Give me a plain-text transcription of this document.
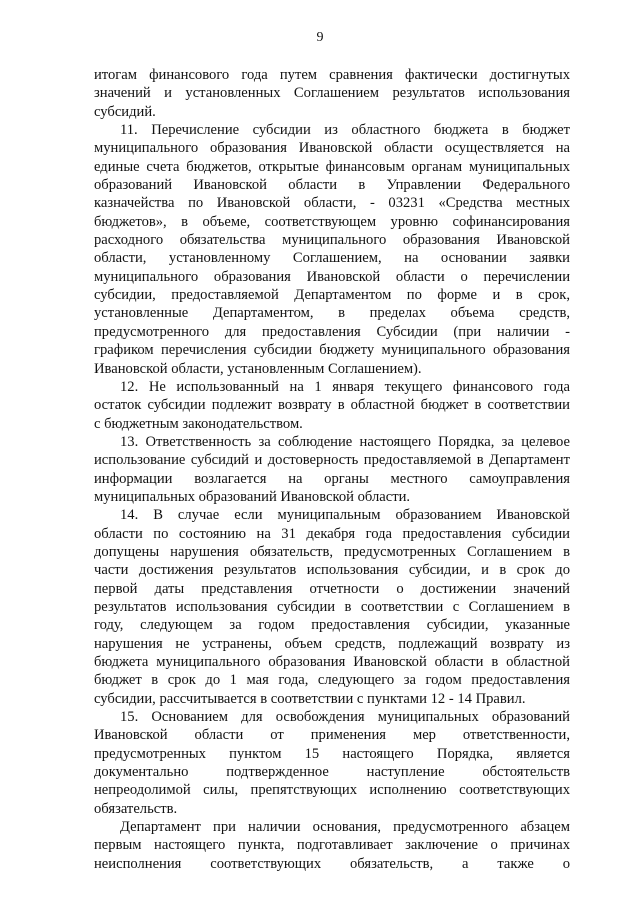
9
итогам финансового года путем сравнения фактически достигнутых
значений и установленных Соглашением результатов использования
субсидий.
11. Перечисление субсидии из областного бюджета в бюджет
муниципального образования Ивановской области осуществляется на
единые счета бюджетов, открытые финансовым органам муниципальных
образований Ивановской области в Управлении Федерального
казначейства по Ивановской области, - 03231 «Средства местных
бюджетов», в объеме, соответствующем уровню софинансирования
расходного обязательства муниципального образования Ивановской
области, установленному Соглашением, на основании заявки
муниципального образования Ивановской области о перечислении
субсидии, предоставляемой Департаментом по форме и в срок,
установленные Департаментом, в пределах объема средств,
предусмотренного для предоставления Субсидии (при наличии -
графиком перечисления субсидии бюджету муниципального образования
Ивановской области, установленным Соглашением).
12. Не использованный на 1 января текущего финансового года
остаток субсидии подлежит возврату в областной бюджет в соответствии
с бюджетным законодательством.
13. Ответственность за соблюдение настоящего Порядка, за целевое
использование субсидий и достоверность предоставляемой в Департамент
информации возлагается на органы местного самоуправления
муниципальных образований Ивановской области.
14. В случае если муниципальным образованием Ивановской
области по состоянию на 31 декабря года предоставления субсидии
допущены нарушения обязательств, предусмотренных Соглашением в
части достижения результатов использования субсидии, и в срок до
первой даты представления отчетности о достижении значений
результатов использования субсидии в соответствии с Соглашением в
году, следующем за годом предоставления субсидии, указанные
нарушения не устранены, объем средств, подлежащий возврату из
бюджета муниципального образования Ивановской области в областной
бюджет в срок до 1 мая года, следующего за годом предоставления
субсидии, рассчитывается в соответствии с пунктами 12 - 14 Правил.
15. Основанием для освобождения муниципальных образований
Ивановской области от применения мер ответственности,
предусмотренных пунктом 15 настоящего Порядка, является
документально подтвержденное наступление обстоятельств
непреодолимой силы, препятствующих исполнению соответствующих
обязательств.
Департамент при наличии основания, предусмотренного абзацем
первым настоящего пункта, подготавливает заключение о причинах
неисполнения соответствующих обязательств, а также о
